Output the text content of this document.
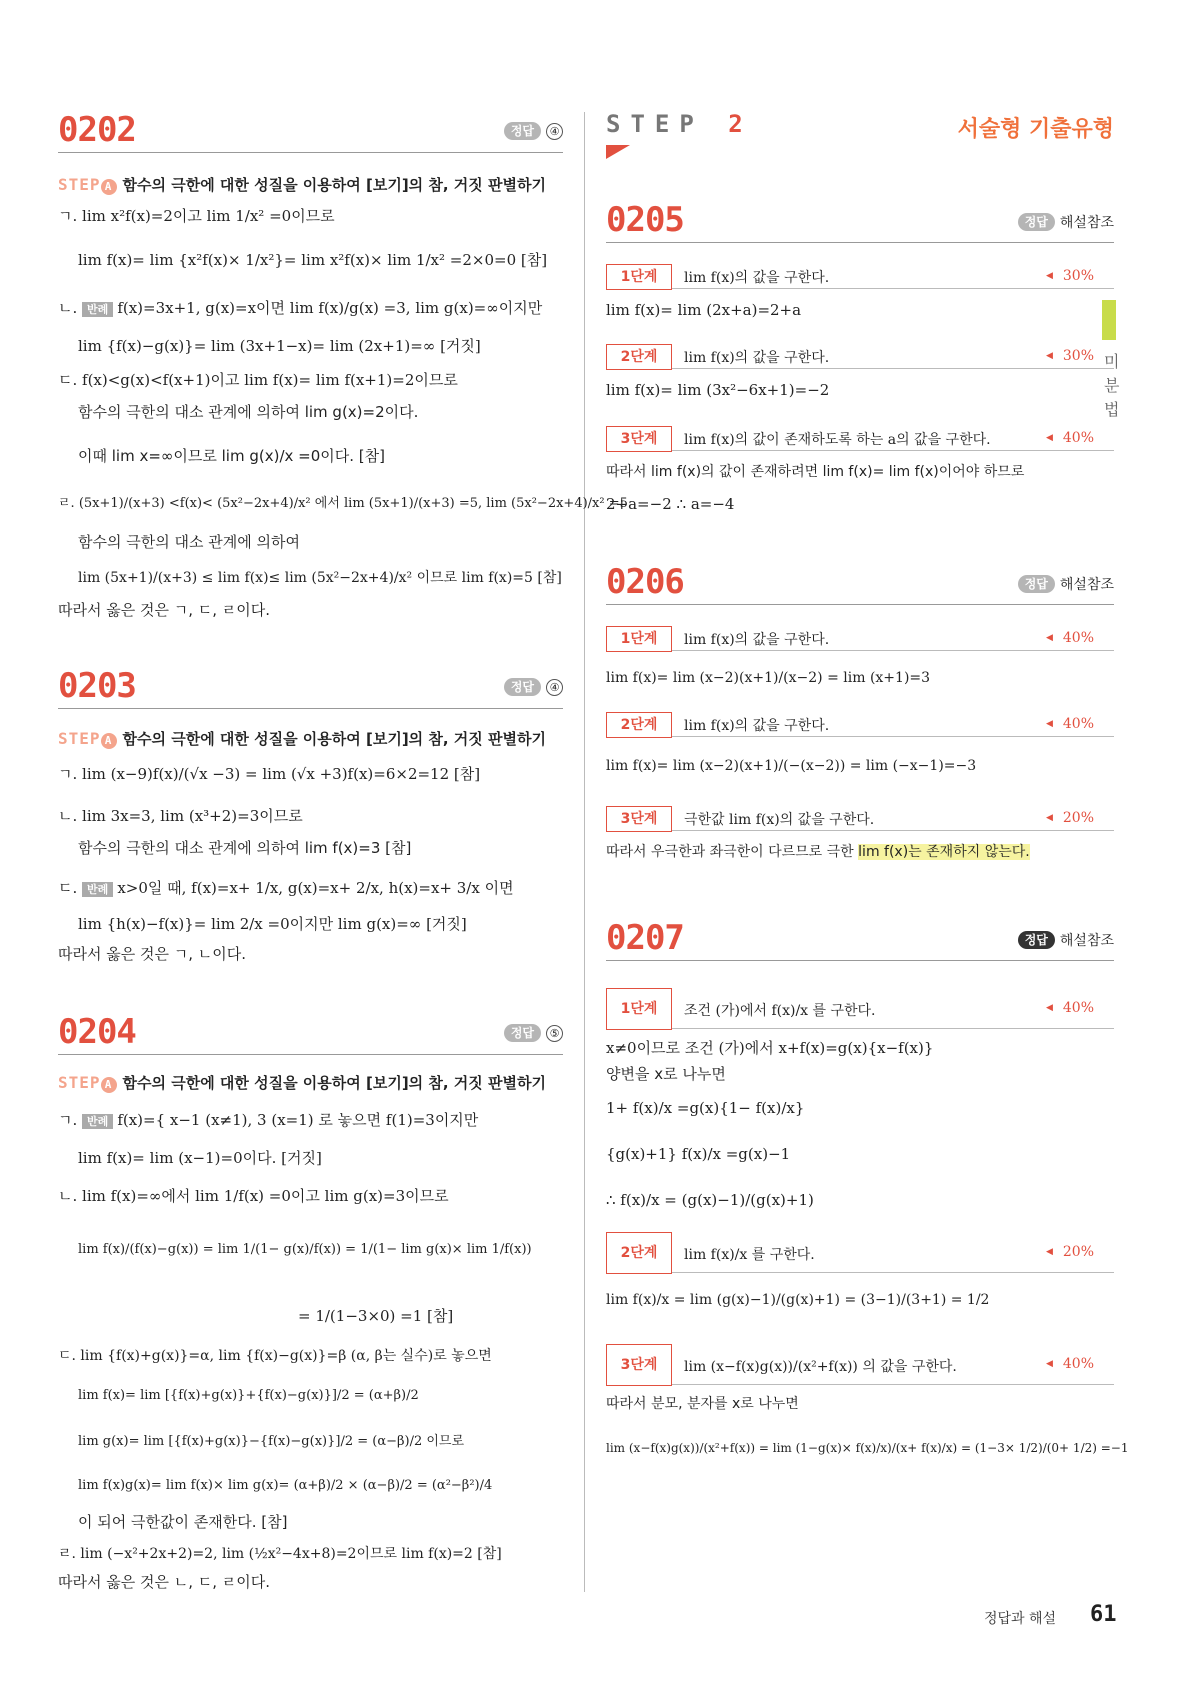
0202	정답	④
STEP A 함수의 극한에 대한 성질을 이용하여 [보기]의 참, 거짓 판별하기
ㄱ. lim x²f(x)=2이고 lim 1/x² =0이므로
lim f(x)= lim {x²f(x)× 1/x²}= lim x²f(x)× lim 1/x² =2×0=0 [참]
ㄴ. 반례 f(x)=3x+1, g(x)=x이면 lim f(x)/g(x) =3, lim g(x)=∞이지만
lim {f(x)−g(x)}= lim (3x+1−x)= lim (2x+1)=∞ [거짓]
ㄷ. f(x)<g(x)<f(x+1)이고 lim f(x)= lim f(x+1)=2이므로
함수의 극한의 대소 관계에 의하여 lim g(x)=2이다.
이때 lim x=∞이므로 lim g(x)/x =0이다. [참]
ㄹ. (5x+1)/(x+3) <f(x)< (5x²−2x+4)/x² 에서 lim (5x+1)/(x+3) =5, lim (5x²−2x+4)/x² =5
함수의 극한의 대소 관계에 의하여
lim (5x+1)/(x+3) ≤ lim f(x)≤ lim (5x²−2x+4)/x² 이므로 lim f(x)=5 [참]
따라서 옳은 것은 ㄱ, ㄷ, ㄹ이다.
0203	정답	④
STEP A 함수의 극한에 대한 성질을 이용하여 [보기]의 참, 거짓 판별하기
ㄱ. lim (x−9)f(x)/(√x −3) = lim (√x +3)f(x)=6×2=12 [참]
ㄴ. lim 3x=3, lim (x³+2)=3이므로
함수의 극한의 대소 관계에 의하여 lim f(x)=3 [참]
ㄷ. 반례 x>0일 때, f(x)=x+ 1/x, g(x)=x+ 2/x, h(x)=x+ 3/x 이면
lim {h(x)−f(x)}= lim 2/x =0이지만 lim g(x)=∞ [거짓]
따라서 옳은 것은 ㄱ, ㄴ이다.
0204	정답	⑤
STEP A 함수의 극한에 대한 성질을 이용하여 [보기]의 참, 거짓 판별하기
ㄱ. 반례 f(x)={ x−1 (x≠1), 3 (x=1) 로 놓으면 f(1)=3이지만
lim f(x)= lim (x−1)=0이다. [거짓]
ㄴ. lim f(x)=∞에서 lim 1/f(x) =0이고 lim g(x)=3이므로
lim f(x)/(f(x)−g(x)) = lim 1/(1− g(x)/f(x)) = 1/(1− lim g(x)× lim 1/f(x))
= 1/(1−3×0) =1 [참]
ㄷ. lim {f(x)+g(x)}=α, lim {f(x)−g(x)}=β (α, β는 실수)로 놓으면
lim f(x)= lim [{f(x)+g(x)}+{f(x)−g(x)}]/2 = (α+β)/2
lim g(x)= lim [{f(x)+g(x)}−{f(x)−g(x)}]/2 = (α−β)/2 이므로
lim f(x)g(x)= lim f(x)× lim g(x)= (α+β)/2 × (α−β)/2 = (α²−β²)/4
이 되어 극한값이 존재한다. [참]
ㄹ. lim (−x²+2x+2)=2, lim (½x²−4x+8)=2이므로 lim f(x)=2 [참]
따라서 옳은 것은 ㄴ, ㄷ, ㄹ이다.
STEP 2	서술형 기출유형
0205	정답 해설참조
1단계	lim f(x)의 값을 구한다.	◀ 30%
lim f(x)= lim (2x+a)=2+a
2단계	lim f(x)의 값을 구한다.	◀ 30%
lim f(x)= lim (3x²−6x+1)=−2
3단계	lim f(x)의 값이 존재하도록 하는 a의 값을 구한다.	◀ 40%
따라서 lim f(x)의 값이 존재하려면 lim f(x)= lim f(x)이어야 하므로
2+a=−2 ∴ a=−4
0206	정답 해설참조
1단계	lim f(x)의 값을 구한다.	◀ 40%
lim f(x)= lim (x−2)(x+1)/(x−2) = lim (x+1)=3
2단계	lim f(x)의 값을 구한다.	◀ 40%
lim f(x)= lim (x−2)(x+1)/(−(x−2)) = lim (−x−1)=−3
3단계	극한값 lim f(x)의 값을 구한다.	◀ 20%
따라서 우극한과 좌극한이 다르므로 극한 lim f(x)는 존재하지 않는다.
0207	정답 해설참조
1단계	조건 (가)에서 f(x)/x 를 구한다.	◀ 40%
x≠0이므로 조건 (가)에서 x+f(x)=g(x){x−f(x)}
양변을 x로 나누면
1+ f(x)/x =g(x){1− f(x)/x}
{g(x)+1} f(x)/x =g(x)−1
∴ f(x)/x = (g(x)−1)/(g(x)+1)
2단계	lim f(x)/x 를 구한다.	◀ 20%
lim f(x)/x = lim (g(x)−1)/(g(x)+1) = (3−1)/(3+1) = 1/2
3단계	lim (x−f(x)g(x))/(x²+f(x)) 의 값을 구한다.	◀ 40%
따라서 분모, 분자를 x로 나누면
lim (x−f(x)g(x))/(x²+f(x)) = lim (1−g(x)× f(x)/x)/(x+ f(x)/x) = (1−3× 1/2)/(0+ 1/2) =−1
미분법
정답과 해설 61
